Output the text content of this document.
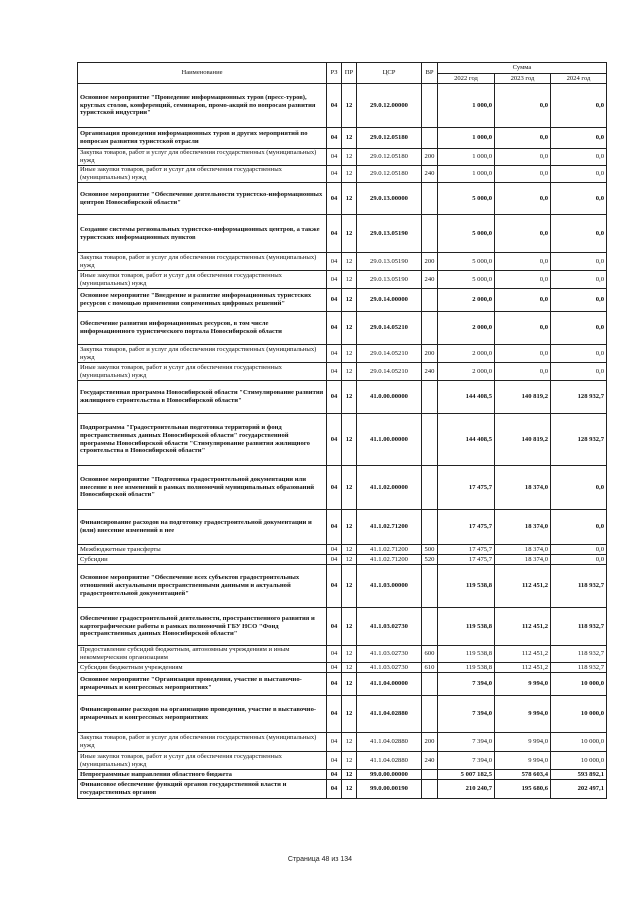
Наименование	РЗ	ПР	ЦСР	ВР	Сумма		
					2022 год	2023 год	2024 год
Основное мероприятие "Проведение информационных туров (пресс-туров), круглых столов, конференций, семинаров, промо-акций по вопросам развития туристской индустрии"	04	12	29.0.12.00000		1 000,0	0,0	0,0
Организация проведения информационных туров и других мероприятий по вопросам развития туристской отрасли	04	12	29.0.12.05180		1 000,0	0,0	0,0
Закупка товаров, работ и услуг для обеспечения государственных (муниципальных) нужд	04	12	29.0.12.05180	200	1 000,0	0,0	0,0
Иные закупки товаров, работ и услуг для обеспечения государственных (муниципальных) нужд	04	12	29.0.12.05180	240	1 000,0	0,0	0,0
Основное мероприятие "Обеспечение деятельности туристско-информационных центров Новосибирской области"	04	12	29.0.13.00000		5 000,0	0,0	0,0
Создание системы региональных туристско-информационных центров, а также туристских информационных пунктов	04	12	29.0.13.05190		5 000,0	0,0	0,0
Закупка товаров, работ и услуг для обеспечения государственных (муниципальных) нужд	04	12	29.0.13.05190	200	5 000,0	0,0	0,0
Иные закупки товаров, работ и услуг для обеспечения государственных (муниципальных) нужд	04	12	29.0.13.05190	240	5 000,0	0,0	0,0
Основное мероприятие "Внедрение и развитие информационных туристских ресурсов с помощью применения современных цифровых решений"	04	12	29.0.14.00000		2 000,0	0,0	0,0
Обеспечение развития информационных ресурсов, в том числе информационного туристического портала Новосибирской области	04	12	29.0.14.05210		2 000,0	0,0	0,0
Закупка товаров, работ и услуг для обеспечения государственных (муниципальных) нужд	04	12	29.0.14.05210	200	2 000,0	0,0	0,0
Иные закупки товаров, работ и услуг для обеспечения государственных (муниципальных) нужд	04	12	29.0.14.05210	240	2 000,0	0,0	0,0
Государственная программа Новосибирской области "Стимулирование развития жилищного строительства в Новосибирской области"	04	12	41.0.00.00000		144 408,5	140 819,2	128 932,7
Подпрограмма "Градостроительная подготовка территорий и фонд пространственных данных Новосибирской области" государственной программы Новосибирской области "Стимулирование развития жилищного строительства в Новосибирской области"	04	12	41.1.00.00000		144 408,5	140 819,2	128 932,7
Основное мероприятие "Подготовка градостроительной документации или внесение в нее изменений в рамках полномочий муниципальных образований Новосибирской области"	04	12	41.1.02.00000		17 475,7	18 374,0	0,0
Финансирование расходов на подготовку градостроительной документации и (или) внесение изменений в нее	04	12	41.1.02.71200		17 475,7	18 374,0	0,0
Межбюджетные трансферты	04	12	41.1.02.71200	500	17 475,7	18 374,0	0,0
Субсидии	04	12	41.1.02.71200	520	17 475,7	18 374,0	0,0
Основное мероприятие "Обеспечение всех субъектов градостроительных отношений актуальными пространственными данными и актуальной градостроительной документацией"	04	12	41.1.03.00000		119 538,8	112 451,2	118 932,7
Обеспечение градостроительной деятельности, пространственного развития и картографические работы в рамках полномочий ГБУ НСО "Фонд пространственных данных Новосибирской области"	04	12	41.1.03.02730		119 538,8	112 451,2	118 932,7
Предоставление субсидий бюджетным, автономным учреждениям и иным некоммерческим организациям	04	12	41.1.03.02730	600	119 538,8	112 451,2	118 932,7
Субсидии бюджетным учреждениям	04	12	41.1.03.02730	610	119 538,8	112 451,2	118 932,7
Основное мероприятие "Организация проведения, участие в выставочно-ярмарочных и конгрессных мероприятиях"	04	12	41.1.04.00000		7 394,0	9 994,0	10 000,0
Финансирование расходов на организацию проведения, участие в выставочно-ярмарочных и конгрессных мероприятиях	04	12	41.1.04.02880		7 394,0	9 994,0	10 000,0
Закупка товаров, работ и услуг для обеспечения государственных (муниципальных) нужд	04	12	41.1.04.02880	200	7 394,0	9 994,0	10 000,0
Иные закупки товаров, работ и услуг для обеспечения государственных (муниципальных) нужд	04	12	41.1.04.02880	240	7 394,0	9 994,0	10 000,0
Непрограммные направления областного бюджета	04	12	99.0.00.00000		5 007 182,5	578 603,4	593 892,1
Финансовое обеспечение функций органов государственной власти и государственных органов	04	12	99.0.00.00190		210 240,7	195 680,6	202 497,1
Страница 48 из 134
